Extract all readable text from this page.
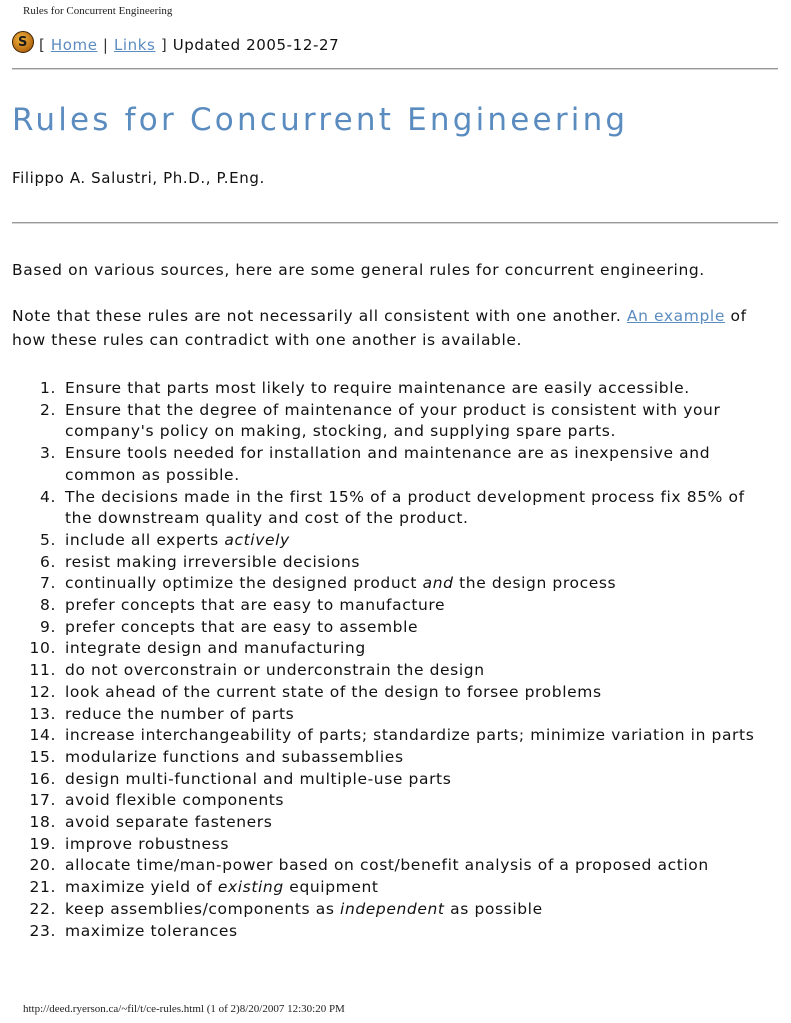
Rules for Concurrent Engineering
S [
Home
|
Links
]
Updated 2005-12-27
Rules for Concurrent Engineering
Filippo A. Salustri, Ph.D., P.Eng.

Based on various sources, here are some general rules for concurrent engineering.

Note that these rules are not necessarily all consistent with one another. An example of how these rules can contradict with one another is available.

1. Ensure that parts most likely to require maintenance are easily accessible.
2. Ensure that the degree of maintenance of your product is consistent with your company's policy on making, stocking, and supplying spare parts.
3. Ensure tools needed for installation and maintenance are as inexpensive and common as possible.
4. The decisions made in the first 15% of a product development process fix 85% of the downstream quality and cost of the product.
5. include all experts actively
6. resist making irreversible decisions
7. continually optimize the designed product and the design process
8. prefer concepts that are easy to manufacture
9. prefer concepts that are easy to assemble
10. integrate design and manufacturing
11. do not overconstrain or underconstrain the design
12. look ahead of the current state of the design to forsee problems
13. reduce the number of parts
14. increase interchangeability of parts; standardize parts; minimize variation in parts
15. modularize functions and subassemblies
16. design multi-functional and multiple-use parts
17. avoid flexible components
18. avoid separate fasteners
19. improve robustness
20. allocate time/man-power based on cost/benefit analysis of a proposed action
21. maximize yield of existing equipment
22. keep assemblies/components as independent as possible
23. maximize tolerances
http://deed.ryerson.ca/~fil/t/ce-rules.html (1 of 2)8/20/2007 12:30:20 PM
